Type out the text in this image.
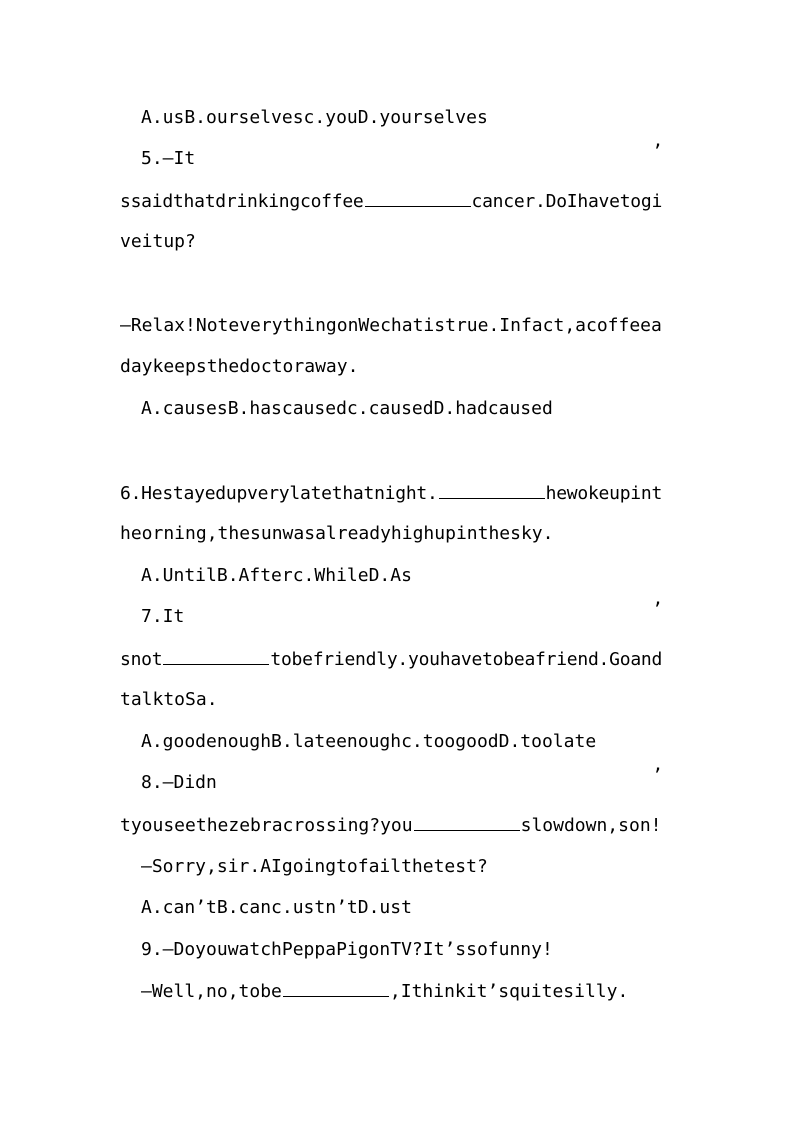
A.usB.ourselvesc.youD.yourselves
5.—It	’
ssaidthatdrinkingcoffee	cancer.DoIhavetogi
veitup?
—Relax!NoteverythingonWechatistrue.Infact,acoffeea
daykeepsthedoctoraway.
A.causesB.hascausedc.causedD.hadcaused
6.Hestayedupverylatethatnight.	hewokeupint
heorning,thesunwasalreadyhighupinthesky.
A.UntilB.Afterc.WhileD.As
7.It	’
snot	tobefriendly.youhavetobeafriend.Goand
talktoSa.
A.goodenoughB.lateenoughc.toogoodD.toolate
8.—Didn	’
tyouseethezebracrossing?you	slowdown,son!
—Sorry,sir.AIgoingtofailthetest?
A.can’tB.canc.ustn’tD.ust
9.—DoyouwatchPeppaPigonTV?It’ssofunny!
—Well,no,tobe	,Ithinkit’squitesilly.
